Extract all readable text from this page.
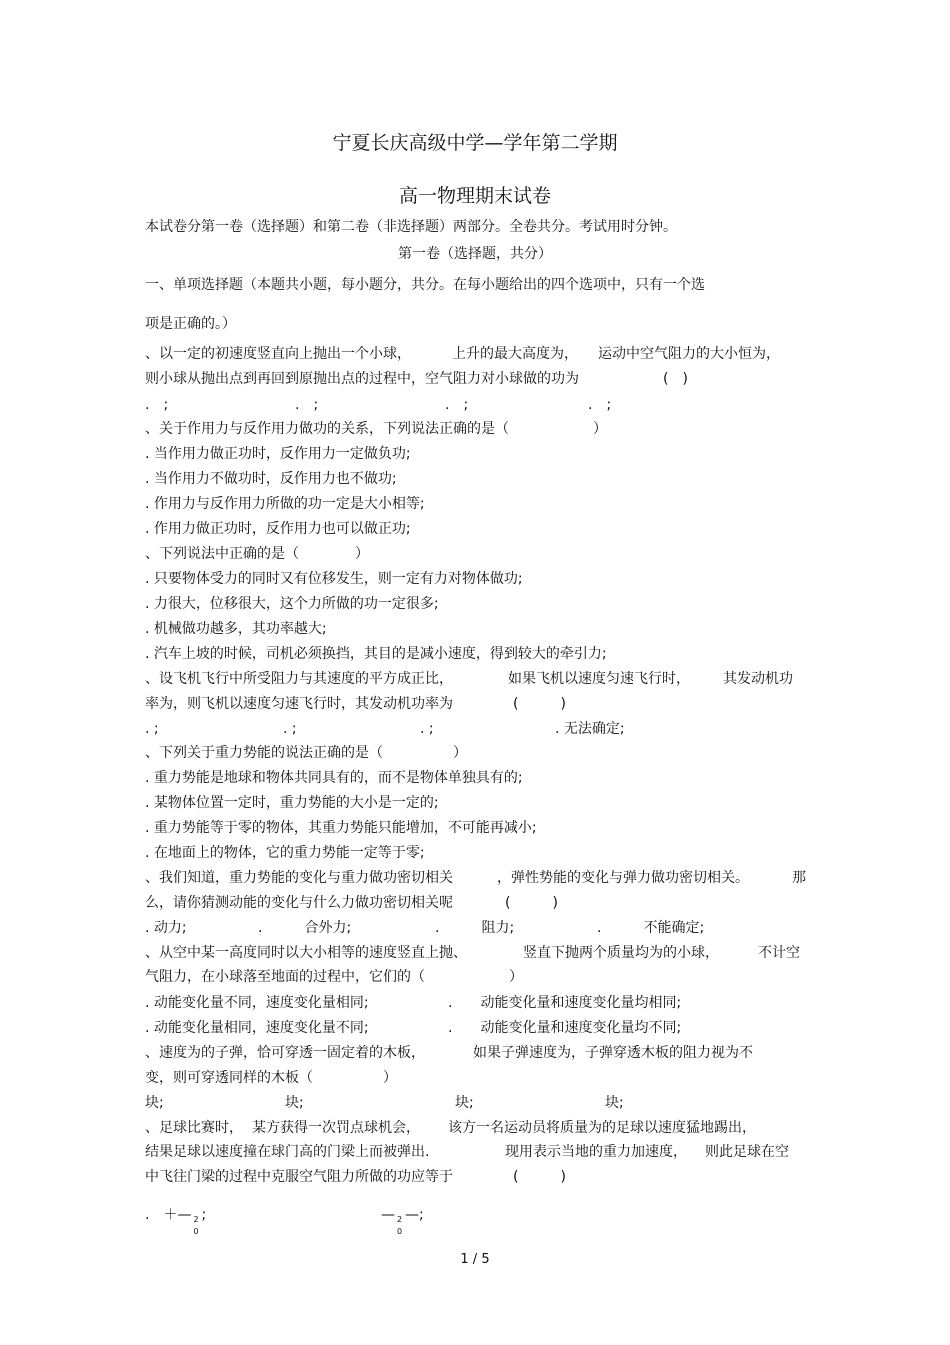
宁夏长庆高级中学—学年第二学期
高一物理期末试卷
本试卷分第一卷（选择题）和第二卷（非选择题）两部分。全卷共分。考试用时分钟。
第一卷（选择题，共分）
一、单项选择题（本题共小题，每小题分，共分。在每小题给出的四个选项中，只有一个选
项是正确的。）
、以一定的初速度竖直向上抛出一个小球，	上升的最大高度为， 运动中空气阻力的大小恒为，
则小球从抛出点到再回到原抛出点的过程中，空气阻力对小球做的功为	(　)
.　;	.　;	.　;	.　;
、关于作用力与反作用力做功的关系，下列说法正确的是（　　　　　　）
. 当作用力做正功时，反作用力一定做负功;
. 当作用力不做功时，反作用力也不做功;
. 作用力与反作用力所做的功一定是大小相等;
. 作用力做正功时，反作用力也可以做正功;
、下列说法中正确的是（　　　　）
. 只要物体受力的同时又有位移发生，则一定有力对物体做功;
. 力很大，位移很大，这个力所做的功一定很多;
. 机械做功越多，其功率越大;
. 汽车上坡的时候，司机必须换挡，其目的是减小速度，得到较大的牵引力;
、设飞机飞行中所受阻力与其速度的平方成正比，	如果飞机以速度匀速飞行时， 其发动机功
率为，则飞机以速度匀速飞行时，其发动机功率为	(　　　)
. ;	. ;	. ;	. 无法确定;
、下列关于重力势能的说法正确的是（　　　　　）
. 重力势能是地球和物体共同具有的，而不是物体单独具有的;
. 某物体位置一定时，重力势能的大小是一定的;
. 重力势能等于零的物体，其重力势能只能增加，不可能再减小;
. 在地面上的物体，它的重力势能一定等于零;
、我们知道，重力势能的变化与重力做功密切相关	，弹性势能的变化与弹力做功密切相关。	那
么，请你猜测动能的变化与什么力做功密切相关呢	(　　　)
. 动力;	.　　　合外力;	.　　　阻力;	.　　　不能确定;
、从空中某一高度同时以大小相等的速度竖直上抛、	竖直下抛两个质量均为的小球，	不计空
气阻力，在小球落至地面的过程中，它们的（　　　　　　）
. 动能变化量不同，速度变化量相同;	.　　动能变化量和速度变化量均相同;
. 动能变化量相同，速度变化量不同;	.　　动能变化量和速度变化量均不同;
、速度为的子弹，恰可穿透一固定着的木板，	如果子弹速度为，子弹穿透木板的阻力视为不
变，则可穿透同样的木板（　　　　　）
块;	块;	块;	块;
、足球比赛时， 某方获得一次罚点球机会， 该方一名运动员将质量为的足球以速度猛地踢出，
结果足球以速度撞在球门高的门梁上而被弹出.	现用表示当地的重力加速度， 则此足球在空
中飞往门梁的过程中克服空气阻力所做的功应等于	(　　　)
.　＋— 2
0
;	— 2
0
—;
1 / 5
